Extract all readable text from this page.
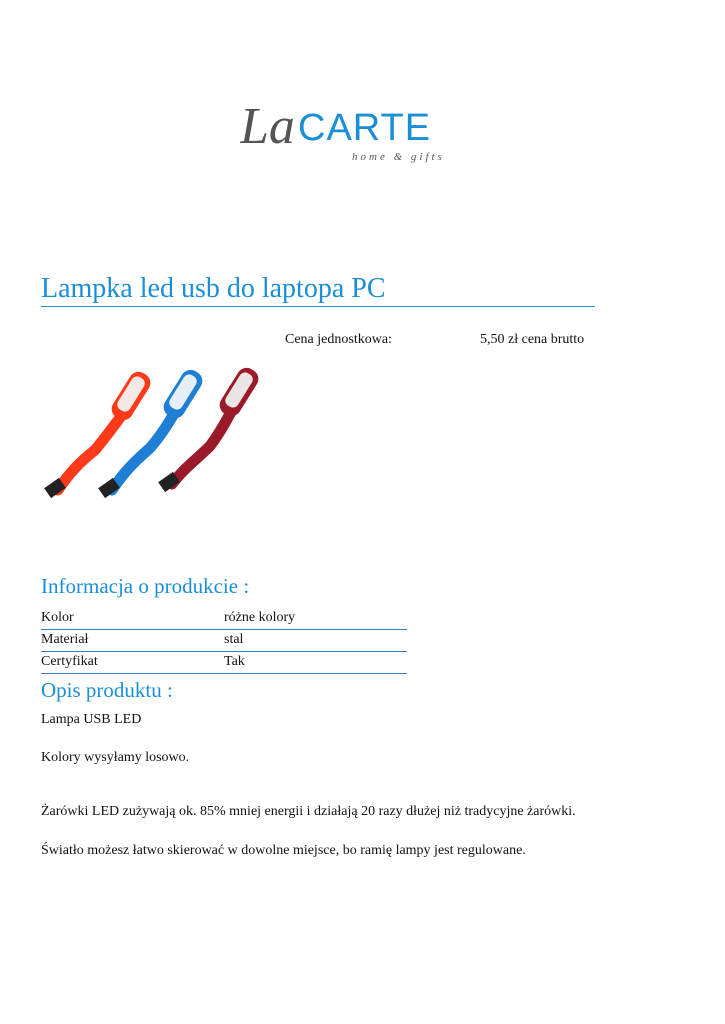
La CARTE
home & gifts
Lampka led usb do laptopa PC
Cena jednostkowa:	5,50 zł cena brutto
Informacja o produkcie :
Kolor	różne kolory
Materiał	stal
Certyfikat	Tak
Opis produktu :
Lampa USB LED
Kolory wysyłamy losowo.
Żarówki LED zużywają ok. 85% mniej energii i działają 20 razy dłużej niż tradycyjne żarówki.
Światło możesz łatwo skierować w dowolne miejsce, bo ramię lampy jest regulowane.
